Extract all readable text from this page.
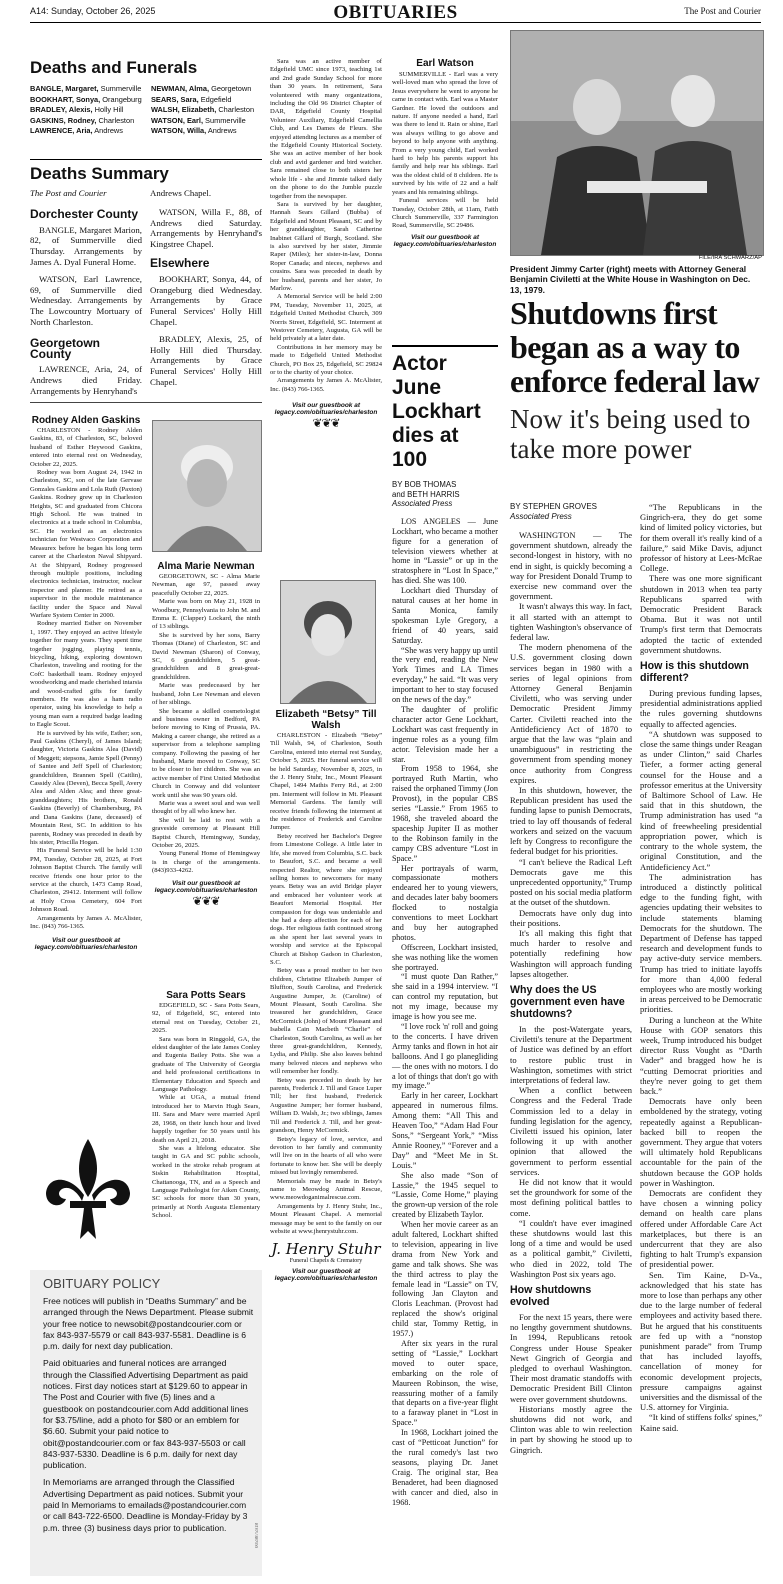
A14: Sunday, October 26, 2025	OBITUARIES	The Post and Courier
Deaths and Funerals
BANGLE, Margaret, Summerville
BOOKHART, Sonya, Orangeburg
BRADLEY, Alexis, Holly Hill
GASKINS, Rodney, Charleston
LAWRENCE, Aria, Andrews
NEWMAN, Alma, Georgetown
SEARS, Sara, Edgefield
WALSH, Elizabeth, Charleston
WATSON, Earl, Summerville
WATSON, Willa, Andrews
Deaths Summary

The Post and Courier

Dorchester County

BANGLE, Margaret Marion, 82, of Summerville died Thursday. Arrangements by James A. Dyal Funeral Home.

WATSON, Earl Lawrence, 69, of Summerville died Wednesday. Arrangements by The Lowcountry Mortuary of North Charleston.

Georgetown County

LAWRENCE, Aria, 24, of Andrews died Friday. Arrangements by Henryhand's

Andrews Chapel.

WATSON, Willa F., 88, of Andrews died Saturday. Arrangements by Henryhand's Kingstree Chapel.

Elsewhere

BOOKHART, Sonya, 44, of Orangeburg died Wednesday. Arrangements by Grace Funeral Services' Holly Hill Chapel.

BRADLEY, Alexis, 25, of Holly Hill died Thursday. Arrangements by Grace Funeral Services' Holly Hill Chapel.

Rodney Alden Gaskins

CHARLESTON - Rodney Alden Gaskins, 83, of Charleston, SC, beloved husband of Esther Heywood Gaskins, entered into eternal rest on Wednesday, October 22, 2025.

Rodney was born August 24, 1942 in Charleston, SC, son of the late Gervase Gonzales Gaskins and Lola Ruth (Paxton) Gaskins. Rodney grew up in Charleston Heights, SC and graduated from Chicora High School. He was trained in electronics at a trade school in Columbia, SC. He worked as an electronics technician for Westvaco Corporation and Measurex before he began his long term career at the Charleston Naval Shipyard. At the Shipyard, Rodney progressed through multiple positions, including electronics technician, instructor, nuclear inspector and planner. He retired as a supervisor in the module maintenance facility under the Space and Naval Warfare System Center in 2000.

Rodney married Esther on November 1, 1997. They enjoyed an active lifestyle together for many years. They spent time together jogging, playing tennis, bicycling, hiking, exploring downtown Charleston, traveling and rooting for the CofC basketball team. Rodney enjoyed woodworking and made cherished intarsia and wood-crafted gifts for family members. He was also a ham radio operator, using his knowledge to help a young man earn a required badge leading to Eagle Scout.

He is survived by his wife, Esther; son, Paul Gaskins (Cheryl), of James Island; daughter, Victoria Gaskins Alea (David) of Meggett; stepsons, Jamie Spell (Penny) of Santee and Jeff Spell of Charleston; grandchildren, Brannen Spell (Caitlin), Cassidy Alea (Deven), Becca Spell, Avery Alea and Alden Alea; and three great-granddaughters; His brothers, Ronald Gaskins (Beverly) of Chambersburg, PA and Dana Gaskins (Jane, deceased) of Mountain Rest, SC. In addition to his parents, Rodney was preceded in death by his sister, Priscilla Hogan.

His Funeral Service will be held 1:30 PM, Tuesday, October 28, 2025, at Fort Johnson Baptist Church. The family will receive friends one hour prior to the service at the church, 1473 Camp Road, Charleston, 29412. Interment will follow at Holy Cross Cemetery, 604 Fort Johnson Road.

Arrangements by James A. McAlister, Inc. (843) 766-1365.

Visit our guestbook at legacy.com/obituaries/charleston
Alma Marie Newman

GEORGETOWN, SC - Alma Marie Newman, age 97, passed away peacefully October 22, 2025.

Marie was born on May 21, 1928 in Woodbury, Pennsylvania to John M. and Emma E. (Clapper) Lockard, the ninth of 13 siblings.

She is survived by her sons, Barry Thomas (Diane) of Charleston, SC and David Newman (Sharon) of Conway, SC, 6 grandchildren, 5 great-grandchildren and 8 great-great-grandchildren.

Marie was predeceased by her husband, John Lee Newman and eleven of her siblings.

She became a skilled cosmetologist and business owner in Bedford, PA before moving to King of Prussia, PA. Making a career change, she retired as a supervisor from a telephone sampling company. Following the passing of her husband, Marie moved to Conway, SC to be closer to her children. She was an active member of First United Methodist Church in Conway and did volunteer work until she was 90 years old.

Marie was a sweet soul and was well thought of by all who knew her.

She will be laid to rest with a graveside ceremony at Pleasant Hill Baptist Church, Hemingway, Sunday, October 26, 2025.

Young Funeral Home of Hemingway is in charge of the arrangements.(843)933-4262.

Visit our guestbook at legacy.com/obituaries/charleston
❦❦❦
Sara Potts Sears

EDGEFIELD, SC - Sara Potts Sears, 92, of Edgefield, SC, entered into eternal rest on Tuesday, October 21, 2025.

Sara was born in Ringgold, GA, the eldest daughter of the late James Conley and Eugenia Bailey Potts. She was a graduate of The University of Georgia and held professional certifications in Elementary Education and Speech and Language Pathology.

While at UGA, a mutual friend introduced her to Marvin Hugh Sears, III. Sara and Marv were married April 28, 1968, on their lunch hour and lived happily together for 50 years until his death on April 21, 2018.

She was a lifelong educator. She taught in GA and SC public schools, worked in the stroke rehab program at Siskin Rehabilitation Hospital, Chattanooga, TN, and as a Speech and Language Pathologist for Aiken County, SC schools for more than 30 years, primarily at North Augusta Elementary School.

OBITUARY POLICY

Free notices will publish in “Deaths Summary” and be arranged through the News Department. Please submit your free notice to newsobit@postandcourier.com or fax 843-937-5579 or call 843-937-5581. Deadline is 6 p.m. daily for next day publication.

Paid obituaries and funeral notices are arranged through the Classified Advertising Department as paid notices. First day notices start at $129.60 to appear in The Post and Courier with five (5) lines and a guestbook on postandcourier.com Add additional lines for $3.75/line, add a photo for $80 or an emblem for $6.60. Submit your paid notice to obit@postandcourier.com or fax 843-937-5503 or call 843-937-5330. Deadline is 6 p.m. daily for next day publication.

In Memoriams are arranged through the Classified Advertising Department as paid notices. Submit your paid In Memoriams to emailads@postandcourier.com or call 843-722-6500. Deadline is Monday-Friday by 3 p.m. three (3) business days prior to publication.	0059875918

Sara was an active member of Edgefield UMC since 1973, teaching 1st and 2nd grade Sunday School for more than 30 years. In retirement, Sara volunteered with many organizations, including the Old 96 District Chapter of DAR, Edgefield County Hospital Volunteer Auxiliary, Edgefield Camellia Club, and Les Dames de Fleurs. She enjoyed attending lectures as a member of the Edgefield County Historical Society. She was an active member of her book club and avid gardener and bird watcher. Sara remained close to both sisters her whole life - she and Jimmie talked daily on the phone to do the Jumble puzzle together from the newspaper.

Sara is survived by her daughter, Hannah Sears Gillard (Bubba) of Edgefield and Mount Pleasant, SC and by her granddaughter, Sarah Catherine Inabinet Gillard of Burgh, Scotland. She is also survived by her sister, Jimmie Raper (Miles); her sister-in-law, Donna Roper Canada; and nieces, nephews and cousins. Sara was preceded in death by her husband, parents and her sister, Jo Marlow.

A Memorial Service will be held 2:00 PM, Tuesday, November 11, 2025, at Edgefield United Methodist Church, 309 Norris Street, Edgefield, SC. Interment at Westover Cemetery, Augusta, GA will be held privately at a later date.

Contributions in her memory may be made to Edgefield United Methodist Church, PO Box 25, Edgefield, SC 29824 or to the charity of your choice.

Arrangements by James A. McAlister, Inc. (843) 766-1365.

Visit our guestbook at legacy.com/obituaries/charleston
❦❦❦
Elizabeth “Betsy” Till Walsh

CHARLESTON - Elizabeth “Betsy” Till Walsh, 94, of Charleston, South Carolina, entered into eternal rest Sunday, October 5, 2025. Her funeral service will be held Saturday, November 8, 2025, in the J. Henry Stuhr, Inc., Mount Pleasant Chapel, 1494 Mathis Ferry Rd., at 2:00 pm. Interment will follow in Mt. Pleasant Memorial Gardens. The family will receive friends following the interment at the residence of Frederick and Caroline Jumper.

Betsy received her Bachelor's Degree from Limestone College. A little later in life, she moved from Columbia, S.C. back to Beaufort, S.C. and became a well respected Realtor, where she enjoyed selling homes to newcomers for many years. Betsy was an avid Bridge player and embraced her volunteer work at Beaufort Memorial Hospital. Her compassion for dogs was undeniable and she had a deep affection for each of her dogs. Her religious faith continued strong as she spent her last several years in worship and service at the Episcopal Church at Bishop Gadson in Charleston, S.C.

Betsy was a proud mother to her two children, Christine Elizabeth Jumper of Bluffton, South Carolina, and Frederick Augustine Jumper, Jr. (Caroline) of Mount Pleasant, South Carolina. She treasured her grandchildren, Grace McCormick (John) of Mount Pleasant and Isabella Cain Macbeth “Charlie” of Charleston, South Carolina, as well as her three great-grandchildren, Kennedy, Lydia, and Philip. She also leaves behind many beloved nieces and nephews who will remember her fondly.

Betsy was preceded in death by her parents, Frederick J. Till and Grace Luper Till; her first husband, Frederick Augustine Jumper; her former husband, William D. Walsh, Jr.; two siblings, James Till and Frederick J. Till, and her great-grandson, Henry McCormick.

Betsy's legacy of love, service, and devotion to her family and community will live on in the hearts of all who were fortunate to know her. She will be deeply missed but lovingly remembered.

Memorials may be made in Betsy's name to Meowdog Animal Rescue, www.meowdoganimalrescue.com.

Arrangements by J. Henry Stuhr, Inc., Mount Pleasant Chapel. A memorial message may be sent to the family on our website at www.jhenrystuhr.com.

J. Henry Stuhr
Funeral Chapels & Crematory
Visit our guestbook at legacy.com/obituaries/charleston
Earl Watson

SUMMERVILLE - Earl was a very well-loved man who spread the love of Jesus everywhere he went to anyone he came in contact with. Earl was a Master Gardner. He loved the outdoors and nature. If anyone needed a hand, Earl was there to lend it. Rain or shine, Earl was always willing to go above and beyond to help anyone with anything. From a very young child, Earl worked hard to help his parents support his family and help rear his siblings. Earl was the oldest child of 8 children. He is survived by his wife of 22 and a half years and his remaining siblings.

Funeral services will be held Tuesday, October 28th, at 11am, Faith Church Summerville, 337 Farmington Road, Summerville, SC 29486.

Visit our guestbook at legacy.com/obituaries/charleston
Actor June Lockhart dies at 100
BY BOB THOMAS
and BETH HARRIS
Associated Press

LOS ANGELES — June Lockhart, who became a mother figure for a generation of television viewers whether at home in “Lassie” or up in the stratosphere in “Lost In Space,” has died. She was 100.

Lockhart died Thursday of natural causes at her home in Santa Monica, family spokesman Lyle Gregory, a friend of 40 years, said Saturday.

“She was very happy up until the very end, reading the New York Times and LA Times everyday,” he said. “It was very important to her to stay focused on the news of the day.”

The daughter of prolific character actor Gene Lockhart, Lockhart was cast frequently in ingenue roles as a young film actor. Television made her a star.

From 1958 to 1964, she portrayed Ruth Martin, who raised the orphaned Timmy (Jon Provost), in the popular CBS series “Lassie.” From 1965 to 1968, she traveled aboard the spaceship Jupiter II as mother to the Robinson family in the campy CBS adventure “Lost in Space.”

Her portrayals of warm, compassionate mothers endeared her to young viewers, and decades later baby boomers flocked to nostalgia conventions to meet Lockhart and buy her autographed photos.

Offscreen, Lockhart insisted, she was nothing like the women she portrayed.

“I must quote Dan Rather,” she said in a 1994 interview. “I can control my reputation, but not my image, because my image is how you see me.

“I love rock 'n' roll and going to the concerts. I have driven Army tanks and flown in hot air balloons. And I go planegliding — the ones with no motors. I do a lot of things that don't go with my image.”

Early in her career, Lockhart appeared in numerous films. Among them: “All This and Heaven Too,” “Adam Had Four Sons,” “Sergeant York,” “Miss Annie Rooney,” “Forever and a Day” and “Meet Me in St. Louis.”

She also made “Son of Lassie,” the 1945 sequel to “Lassie, Come Home,” playing the grown-up version of the role created by Elizabeth Taylor.

When her movie career as an adult faltered, Lockhart shifted to television, appearing in live drama from New York and game and talk shows. She was the third actress to play the female lead in “Lassie” on TV, following Jan Clayton and Cloris Leachman. (Provost had replaced the show's original child star, Tommy Rettig, in 1957.)

After six years in the rural setting of “Lassie,” Lockhart moved to outer space, embarking on the role of Maureen Robinson, the wise, reassuring mother of a family that departs on a five-year flight to a faraway planet in “Lost in Space.”

In 1968, Lockhart joined the cast of “Petticoat Junction” for the rural comedy's last two seasons, playing Dr. Janet Craig. The original star, Bea Benaderet, had been diagnosed with cancer and died, also in 1968.

FILE/IRA SCHWARZ/AP
President Jimmy Carter (right) meets with Attorney General Benjamin Civiletti at the White House in Washington on Dec. 13, 1979.
Shutdowns first began as a way to enforce federal law
Now it's being used to take more power
BY STEPHEN GROVES
Associated Press

WASHINGTON — The government shutdown, already the second-longest in history, with no end in sight, is quickly becoming a way for President Donald Trump to exercise new command over the government.

It wasn't always this way. In fact, it all started with an attempt to tighten Washington's observance of federal law.

The modern phenomena of the U.S. government closing down services began in 1980 with a series of legal opinions from Attorney General Benjamin Civiletti, who was serving under Democratic President Jimmy Carter. Civiletti reached into the Antideficiency Act of 1870 to argue that the law was “plain and unambiguous” in restricting the government from spending money once authority from Congress expires.

In this shutdown, however, the Republican president has used the funding lapse to punish Democrats, tried to lay off thousands of federal workers and seized on the vacuum left by Congress to reconfigure the federal budget for his priorities.

“I can't believe the Radical Left Democrats gave me this unprecedented opportunity,” Trump posted on his social media platform at the outset of the shutdown.

Democrats have only dug into their positions.

It's all making this fight that much harder to resolve and potentially redefining how Washington will approach funding lapses altogether.

Why does the US government even have shutdowns?

In the post-Watergate years, Civiletti's tenure at the Department of Justice was defined by an effort to restore public trust in Washington, sometimes with strict interpretations of federal law.

When a conflict between Congress and the Federal Trade Commission led to a delay in funding legislation for the agency, Civiletti issued his opinion, later following it up with another opinion that allowed the government to perform essential services.

He did not know that it would set the groundwork for some of the most defining political battles to come.

“I couldn't have ever imagined these shutdowns would last this long of a time and would be used as a political gambit,” Civiletti, who died in 2022, told The Washington Post six years ago.

How shutdowns evolved

For the next 15 years, there were no lengthy government shutdowns. In 1994, Republicans retook Congress under House Speaker Newt Gingrich of Georgia and pledged to overhaul Washington. Their most dramatic standoffs with Democratic President Bill Clinton were over government shutdowns.

Historians mostly agree the shutdowns did not work, and Clinton was able to win reelection in part by showing he stood up to Gingrich.

“The Republicans in the Gingrich-era, they do get some kind of limited policy victories, but for them overall it's really kind of a failure,” said Mike Davis, adjunct professor of history at Lees-McRae College.

There was one more significant shutdown in 2013 when tea party Republicans sparred with Democratic President Barack Obama. But it was not until Trump's first term that Democrats adopted the tactic of extended government shutdowns.

How is this shutdown different?

During previous funding lapses, presidential administrations applied the rules governing shutdowns equally to affected agencies.

“A shutdown was supposed to close the same things under Reagan as under Clinton,” said Charles Tiefer, a former acting general counsel for the House and a professor emeritus at the University of Baltimore School of Law. He said that in this shutdown, the Trump administration has used “a kind of freewheeling presidential appropriation power, which is contrary to the whole system, the original Constitution, and the Antideficiency Act.”

The administration has introduced a distinctly political edge to the funding fight, with agencies updating their websites to include statements blaming Democrats for the shutdown. The Department of Defense has tapped research and development funds to pay active-duty service members. Trump has tried to initiate layoffs for more than 4,000 federal employees who are mostly working in areas perceived to be Democratic priorities.

During a luncheon at the White House with GOP senators this week, Trump introduced his budget director Russ Vought as “Darth Vader” and bragged how he is “cutting Democrat priorities and they're never going to get them back.”

Democrats have only been emboldened by the strategy, voting repeatedly against a Republican-backed bill to reopen the government. They argue that voters will ultimately hold Republicans accountable for the pain of the shutdown because the GOP holds power in Washington.

Democrats are confident they have chosen a winning policy demand on health care plans offered under Affordable Care Act marketplaces, but there is an undercurrent that they are also fighting to halt Trump's expansion of presidential power.

Sen. Tim Kaine, D-Va., acknowledged that his state has more to lose than perhaps any other due to the large number of federal employees and activity based there. But he argued that his constituents are fed up with a “nonstop punishment parade” from Trump that has included layoffs, cancellation of money for economic development projects, pressure campaigns against universities and the dismissal of the U.S. attorney for Virginia.

“It kind of stiffens folks' spines,” Kaine said.
